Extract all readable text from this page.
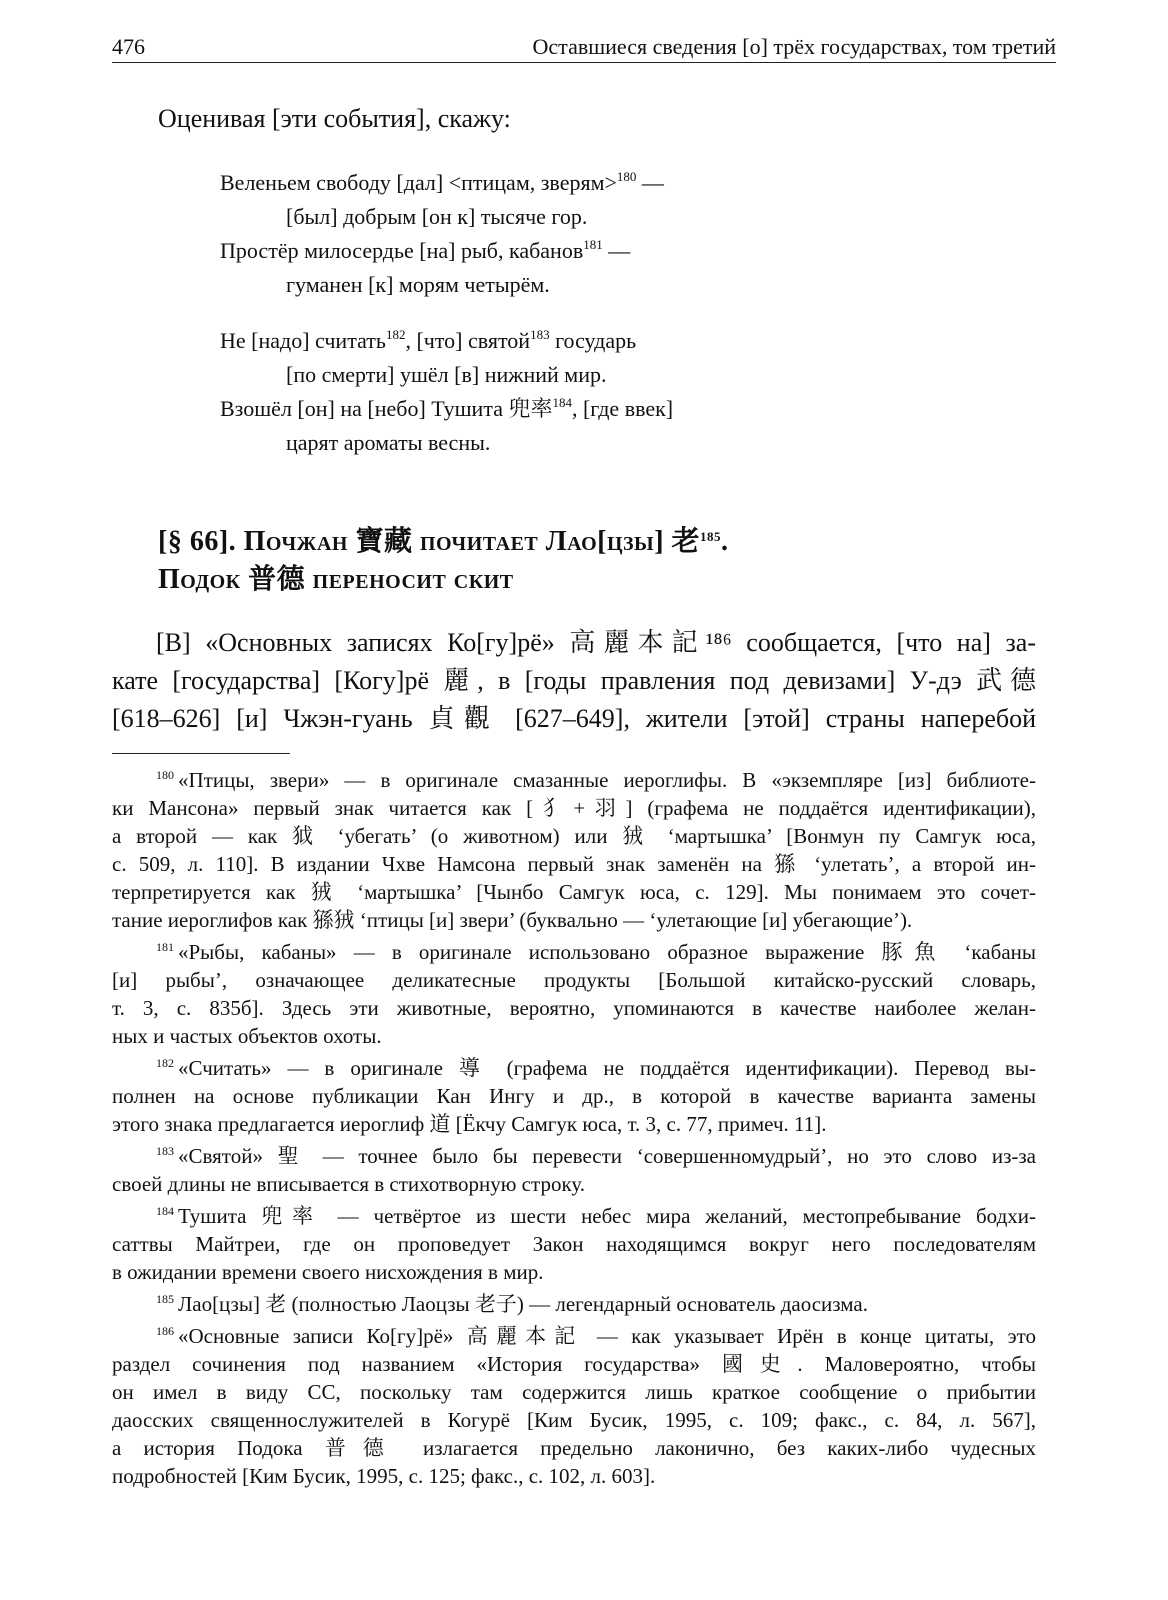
476	Оставшиеся сведения [о] трёх государствах, том третий

Оценивая [эти события], скажу:

Веленьем свободу [дал] <птицам, зверям>$^{180}$ —
[был] добрым [он к] тысяче гор.
Простёр милосердье [на] рыб, кабанов$^{181}$ —
гуманен [к] морям четырём.
Не [надо] считать$^{182}$, [что] святой$^{183}$ государь
[по смерти] ушёл [в] нижний мир.
Взошёл [он] на [небо] Тушита 兜率$^{184}$, [где ввек]
царят ароматы весны.
[§ 66]. Почжан 寶藏 почитает Лао[цзы] 老$^{185}$.
Подок 普德 переносит скит
[В] «Основных записях Ко[гу]рё» 高麗本記¹⁸⁶ сообщается, [что на] за-
кате [государства] [Когу]рё 麗, в [годы правления под девизами] У-дэ 武德
[618–626] [и] Чжэн-гуань 貞觀 [627–649], жители [этой] страны наперебой
$^{180}$ «Птицы, звери» — в оригинале смазанные иероглифы. В «экземпляре [из] библиоте-
ки Мансона» первый знак читается как [犭+羽] (графема не поддаётся идентификации),
а второй — как 狘 ‘убегать’ (о животном) или 狨 ‘мартышка’ [Вонмун пу Самгук юса,
с. 509, л. 110]. В издании Чхве Намсона первый знак заменён на 猻 ‘улетать’, а второй ин-
терпретируется как 狨 ‘мартышка’ [Чынбо Самгук юса, с. 129]. Мы понимаем это сочет-
тание иероглифов как 猻狨 ‘птицы [и] звери’ (буквально — ‘улетающие [и] убегающие’).
$^{181}$ «Рыбы, кабаны» — в оригинале использовано образное выражение 豚魚 ‘кабаны
[и] рыбы’, означающее деликатесные продукты [Большой китайско-русский словарь,
т. 3, с. 835б]. Здесь эти животные, вероятно, упоминаются в качестве наиболее желан-
ных и частых объектов охоты.
$^{182}$ «Считать» — в оригинале 導 (графема не поддаётся идентификации). Перевод вы-
полнен на основе публикации Кан Ингу и др., в которой в качестве варианта замены
этого знака предлагается иероглиф 道 [Ёкчу Самгук юса, т. 3, с. 77, примеч. 11].
$^{183}$ «Святой» 聖 — точнее было бы перевести ‘совершенномудрый’, но это слово из-за
своей длины не вписывается в стихотворную строку.
$^{184}$ Тушита 兜率 — четвёртое из шести небес мира желаний, местопребывание бодхи-
саттвы Майтреи, где он проповедует Закон находящимся вокруг него последователям
в ожидании времени своего нисхождения в мир.
$^{185}$ Лао[цзы] 老 (полностью Лаоцзы 老子) — легендарный основатель даосизма.
$^{186}$ «Основные записи Ко[гу]рё» 高麗本記 — как указывает Ирён в конце цитаты, это
раздел сочинения под названием «История государства» 國史. Маловероятно, чтобы
он имел в виду СС, поскольку там содержится лишь краткое сообщение о прибытии
даосских священнослужителей в Когурё [Ким Бусик, 1995, с. 109; факс., с. 84, л. 567],
а история Подока 普德 излагается предельно лаконично, без каких-либо чудесных
подробностей [Ким Бусик, 1995, с. 125; факс., с. 102, л. 603].
